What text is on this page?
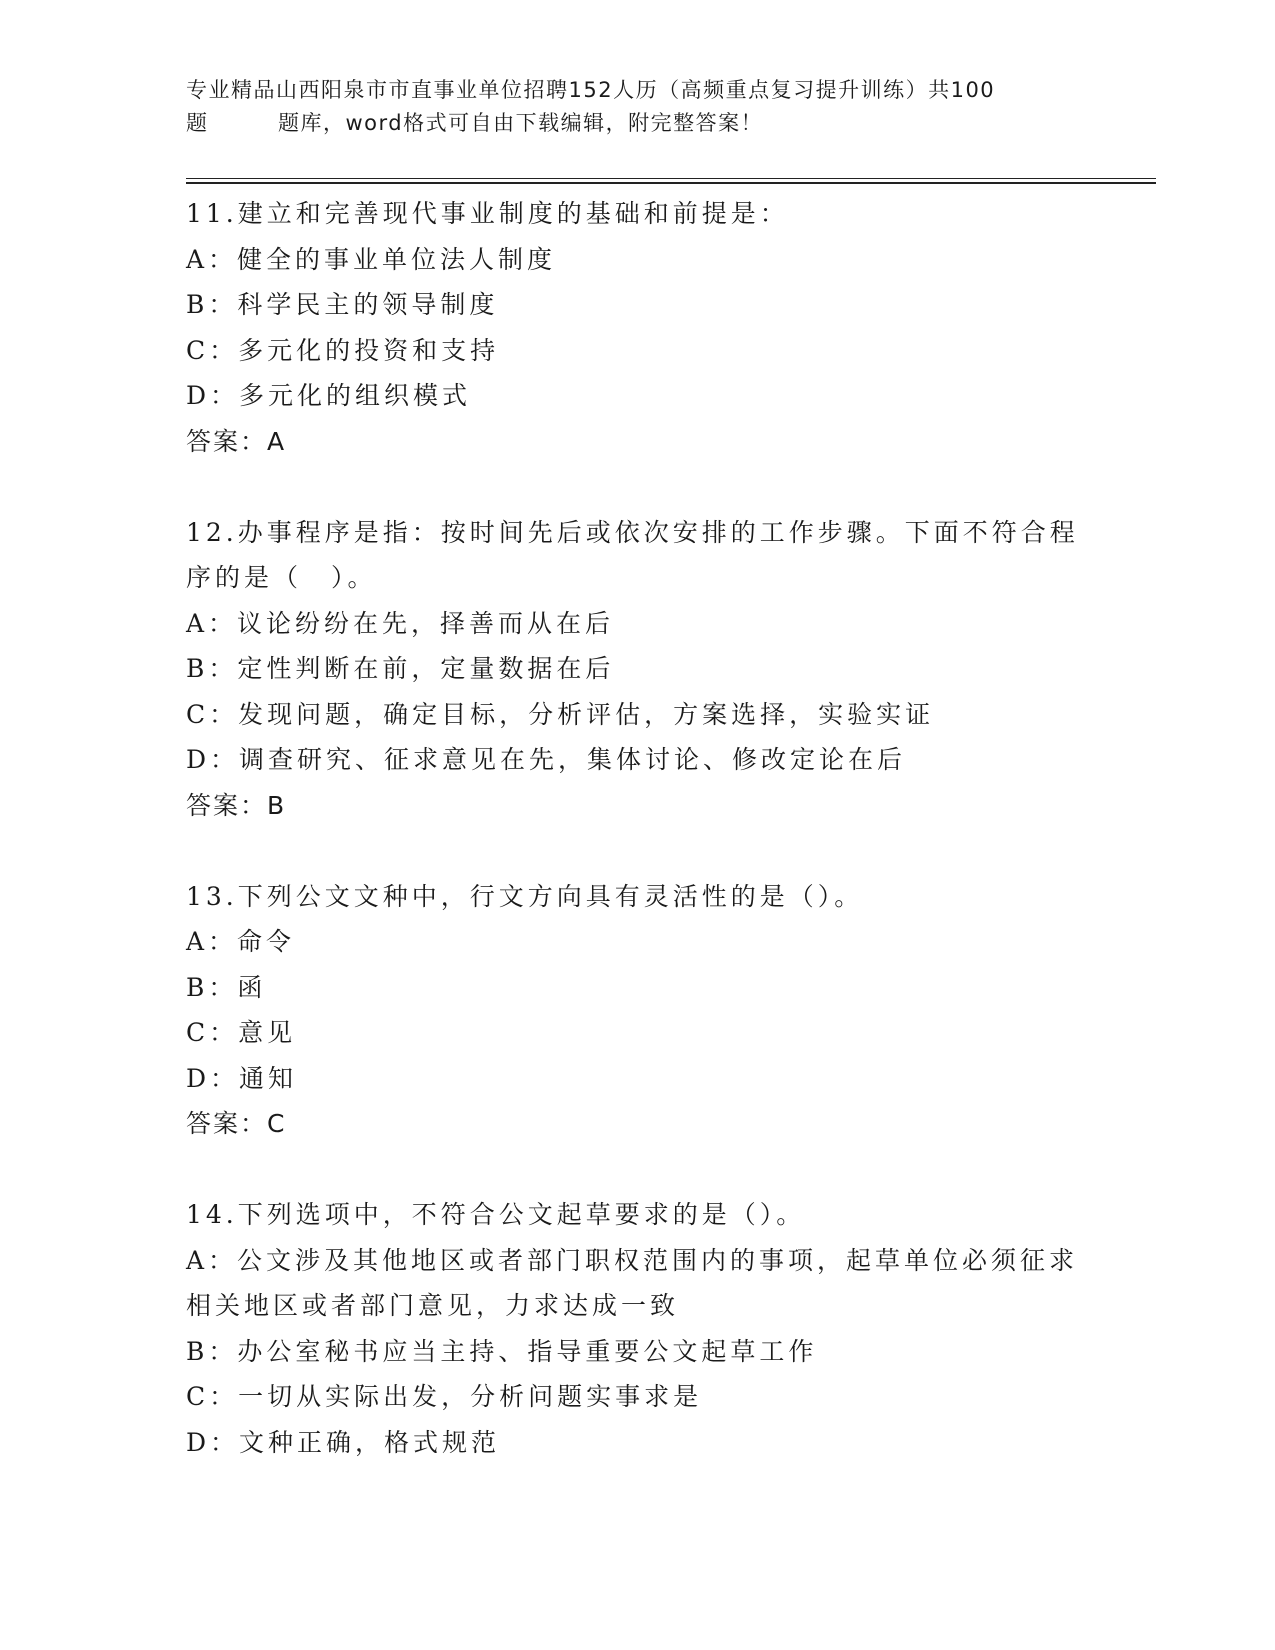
专业精品山西阳泉市市直事业单位招聘152人历（高频重点复习提升训练）共100
题	题库，word格式可自由下载编辑，附完整答案！
11.建立和完善现代事业制度的基础和前提是：
A：健全的事业单位法人制度
B：科学民主的领导制度
C：多元化的投资和支持
D：多元化的组织模式
答案：A
12.办事程序是指：按时间先后或依次安排的工作步骤。下面不符合程
序的是（　）。
A：议论纷纷在先，择善而从在后
B：定性判断在前，定量数据在后
C：发现问题，确定目标，分析评估，方案选择，实验实证
D：调查研究、征求意见在先，集体讨论、修改定论在后
答案：B
13.下列公文文种中，行文方向具有灵活性的是（）。
A：命令
B：函
C：意见
D：通知
答案：C
14.下列选项中，不符合公文起草要求的是（）。
A：公文涉及其他地区或者部门职权范围内的事项，起草单位必须征求
相关地区或者部门意见，力求达成一致
B：办公室秘书应当主持、指导重要公文起草工作
C：一切从实际出发，分析问题实事求是
D：文种正确，格式规范
